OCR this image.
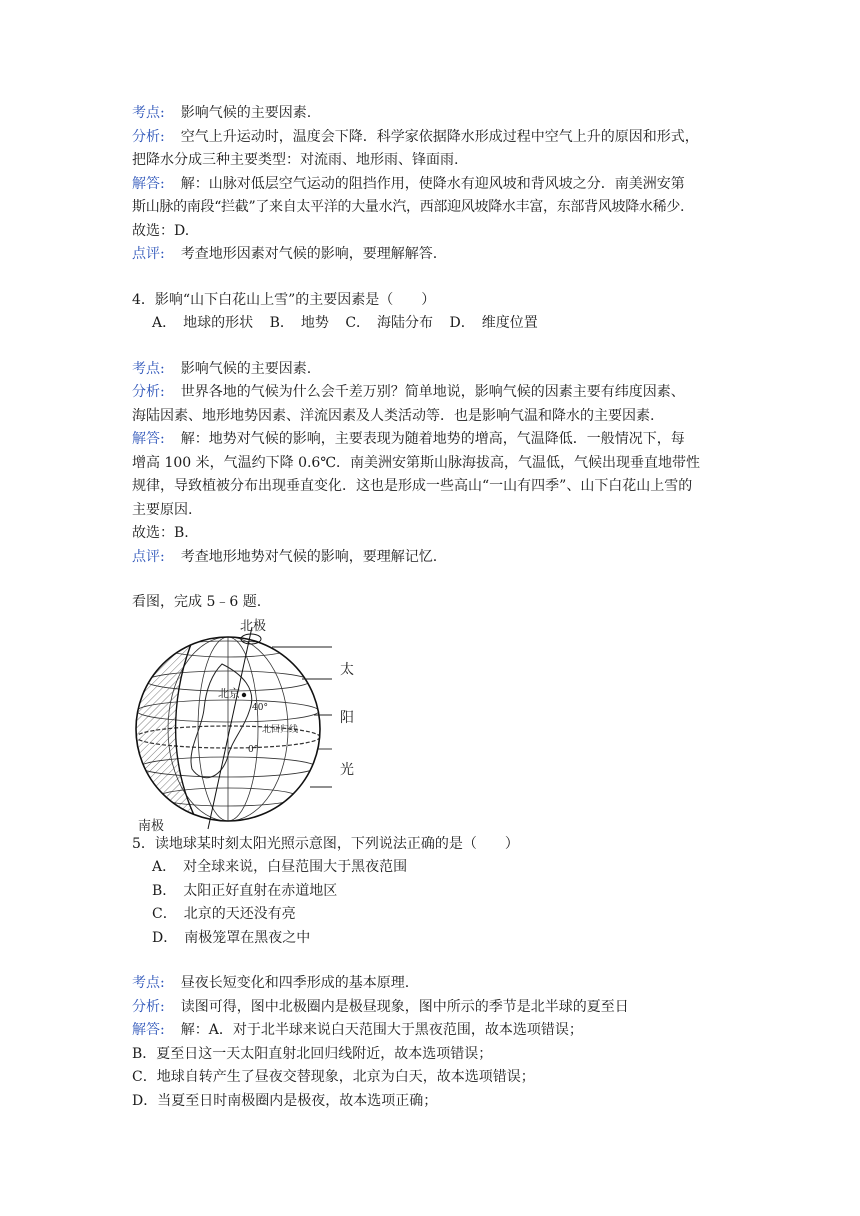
考点: 影响气候的主要因素.
分析: 空气上升运动时，温度会下降．科学家依据降水形成过程中空气上升的原因和形式，
把降水分成三种主要类型：对流雨、地形雨、锋面雨.
解答: 解：山脉对低层空气运动的阻挡作用，使降水有迎风坡和背风坡之分．南美洲安第
斯山脉的南段“拦截”了来自太平洋的大量水汽，西部迎风坡降水丰富，东部背风坡降水稀少.
故选：D.
点评: 考查地形因素对气候的影响，要理解解答.
4．影响“山下白花山上雪”的主要因素是（　　）
A．　地球的形状 B．　地势 C．　海陆分布 D．　维度位置
考点: 影响气候的主要因素.
分析: 世界各地的气候为什么会千差万别？简单地说，影响气候的因素主要有纬度因素、
海陆因素、地形地势因素、洋流因素及人类活动等．也是影响气温和降水的主要因素.
解答: 解：地势对气候的影响，主要表现为随着地势的增高，气温降低．一般情况下，每
增高 100 米，气温约下降 0.6℃．南美洲安第斯山脉海拔高，气温低，气候出现垂直地带性
规律，导致植被分布出现垂直变化．这也是形成一些高山“一山有四季”、山下白花山上雪的
主要原因.
故选：B.
点评: 考查地形地势对气候的影响，要理解记忆.
看图，完成 5﹣6 题.
北极
南极
北京
40°
北回归线
0°
太
阳
光
5．读地球某时刻太阳光照示意图，下列说法正确的是（　　）
A．　对全球来说，白昼范围大于黑夜范围
B．　太阳正好直射在赤道地区
C．　北京的天还没有亮
D．　南极笼罩在黑夜之中
考点: 昼夜长短变化和四季形成的基本原理.
分析: 读图可得，图中北极圈内是极昼现象，图中所示的季节是北半球的夏至日
解答: 解：A．对于北半球来说白天范围大于黑夜范围，故本选项错误；
B．夏至日这一天太阳直射北回归线附近，故本选项错误；
C．地球自转产生了昼夜交替现象，北京为白天，故本选项错误；
D．当夏至日时南极圈内是极夜，故本选项正确；
